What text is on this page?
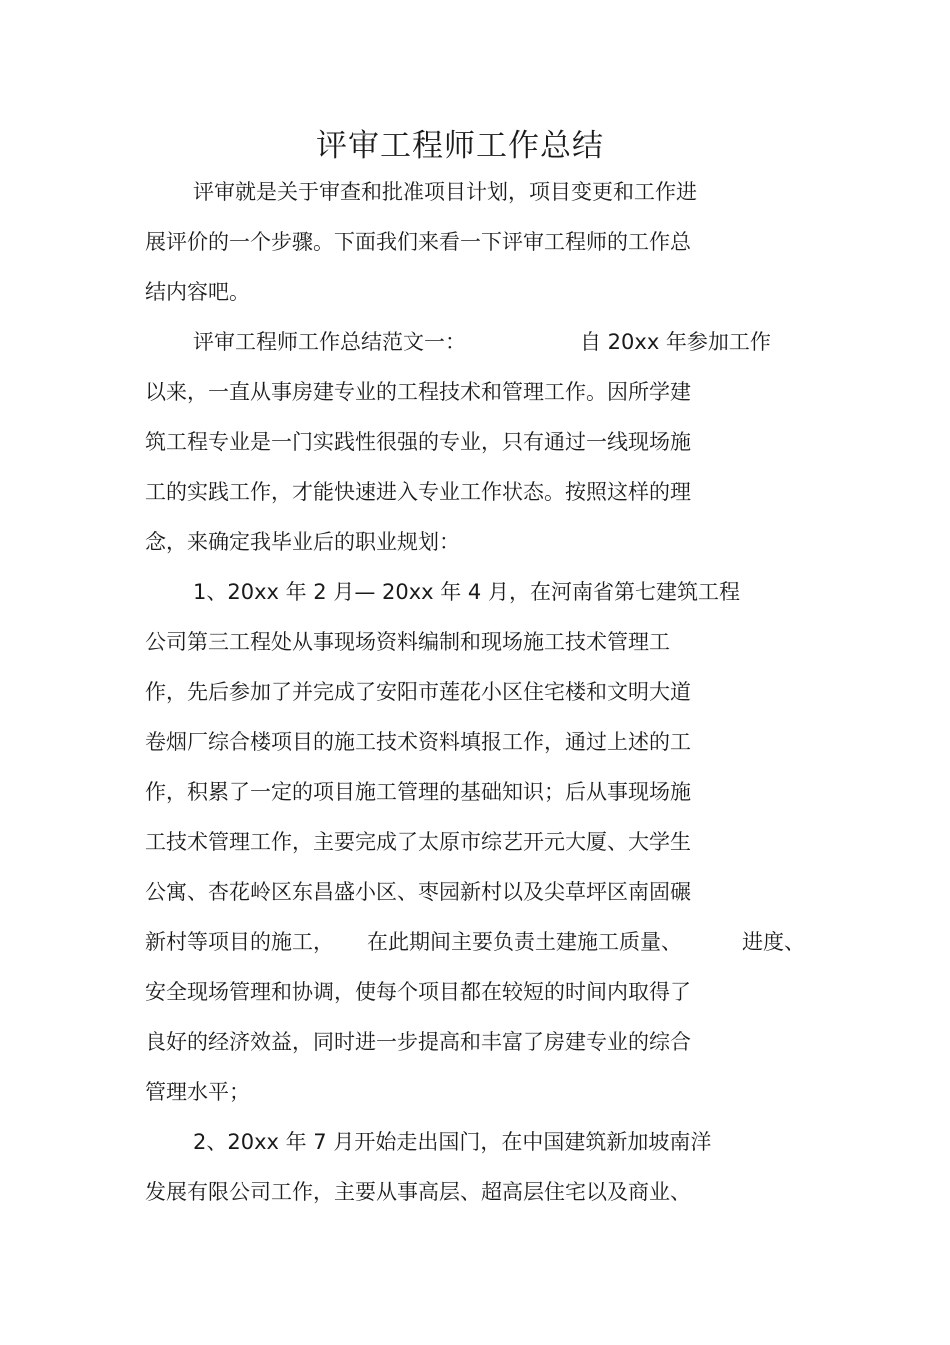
评审工程师工作总结

评审就是关于审查和批准项目计划，项目变更和工作进

展评价的一个步骤。下面我们来看一下评审工程师的工作总

结内容吧。

评审工程师工作总结范文一：	自 20xx 年参加工作

以来，一直从事房建专业的工程技术和管理工作。因所学建

筑工程专业是一门实践性很强的专业，只有通过一线现场施

工的实践工作，才能快速进入专业工作状态。按照这样的理

念，来确定我毕业后的职业规划：

1、20xx 年 2 月— 20xx 年 4 月，在河南省第七建筑工程

公司第三工程处从事现场资料编制和现场施工技术管理工

作，先后参加了并完成了安阳市莲花小区住宅楼和文明大道

卷烟厂综合楼项目的施工技术资料填报工作，通过上述的工

作，积累了一定的项目施工管理的基础知识；后从事现场施

工技术管理工作，主要完成了太原市综艺开元大厦、大学生

公寓、杏花岭区东昌盛小区、枣园新村以及尖草坪区南固碾

新村等项目的施工， 在此期间主要负责土建施工质量、	进度、

安全现场管理和协调，使每个项目都在较短的时间内取得了

良好的经济效益，同时进一步提高和丰富了房建专业的综合

管理水平；

2、20xx 年 7 月开始走出国门，在中国建筑新加坡南洋

发展有限公司工作，主要从事高层、超高层住宅以及商业、
